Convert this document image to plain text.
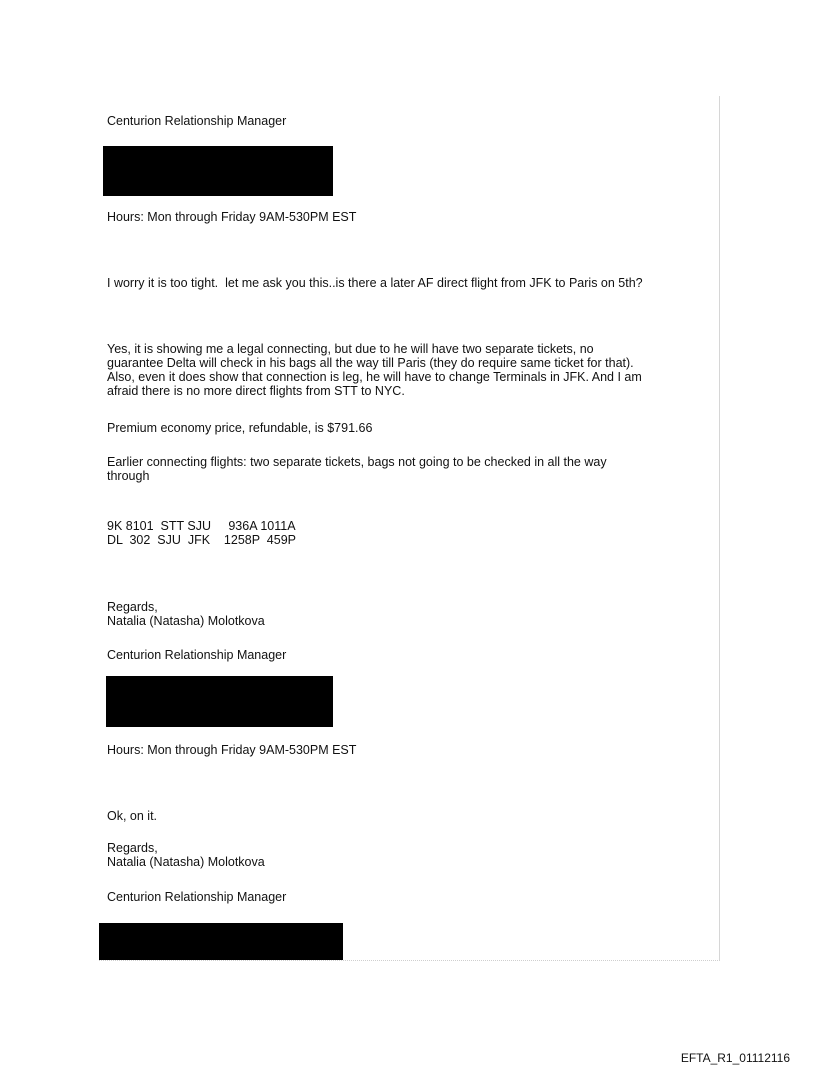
Centurion Relationship Manager
Hours: Mon through Friday 9AM-530PM EST
I worry it is too tight.  let me ask you this..is there a later AF direct flight from JFK to Paris on 5th?
Yes, it is showing me a legal connecting, but due to he will have two separate tickets, no
guarantee Delta will check in his bags all the way till Paris (they do require same ticket for that).
Also, even it does show that connection is leg, he will have to change Terminals in JFK. And I am
afraid there is no more direct flights from STT to NYC.
Premium economy price, refundable, is $791.66
Earlier connecting flights: two separate tickets, bags not going to be checked in all the way
through
9K 8101  STT SJU     936A 1011A
DL  302  SJU  JFK    1258P  459P
Regards,
Natalia (Natasha) Molotkova
Centurion Relationship Manager
Hours: Mon through Friday 9AM-530PM EST
Ok, on it.
Regards,
Natalia (Natasha) Molotkova
Centurion Relationship Manager
EFTA_R1_01112116
